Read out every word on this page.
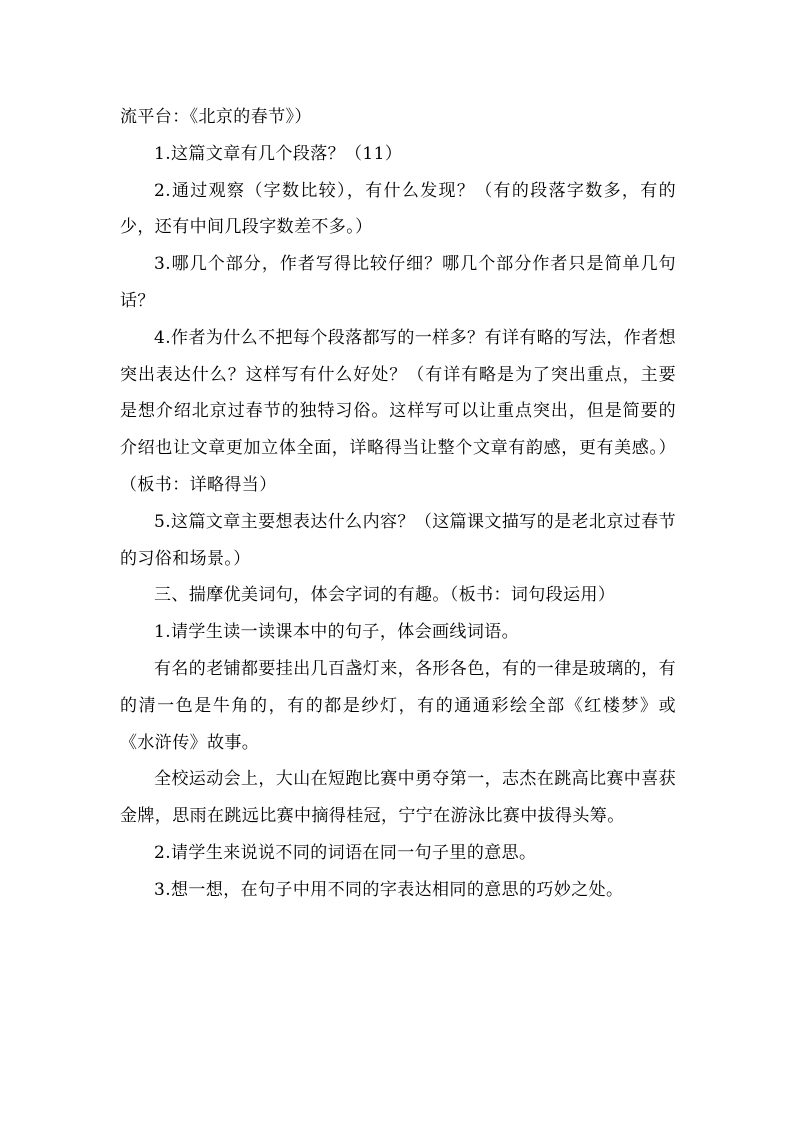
流平台：《北京的春节》）

1.这篇文章有几个段落？（11）

2.通过观察（字数比较），有什么发现？（有的段落字数多，有的少，还有中间几段字数差不多。）

3.哪几个部分，作者写得比较仔细？哪几个部分作者只是简单几句话？

4.作者为什么不把每个段落都写的一样多？有详有略的写法，作者想突出表达什么？这样写有什么好处？（有详有略是为了突出重点，主要是想介绍北京过春节的独特习俗。这样写可以让重点突出，但是简要的介绍也让文章更加立体全面，详略得当让整个文章有韵感，更有美感。）（板书：详略得当）

5.这篇文章主要想表达什么内容？（这篇课文描写的是老北京过春节的习俗和场景。）

三、揣摩优美词句，体会字词的有趣。（板书：词句段运用）

1.请学生读一读课本中的句子，体会画线词语。

有名的老铺都要挂出几百盏灯来，各形各色，有的一律是玻璃的，有的清一色是牛角的，有的都是纱灯，有的通通彩绘全部《红楼梦》或《水浒传》故事。

全校运动会上，大山在短跑比赛中勇夺第一，志杰在跳高比赛中喜获金牌，思雨在跳远比赛中摘得桂冠，宁宁在游泳比赛中拔得头筹。

2.请学生来说说不同的词语在同一句子里的意思。

3.想一想，在句子中用不同的字表达相同的意思的巧妙之处。
